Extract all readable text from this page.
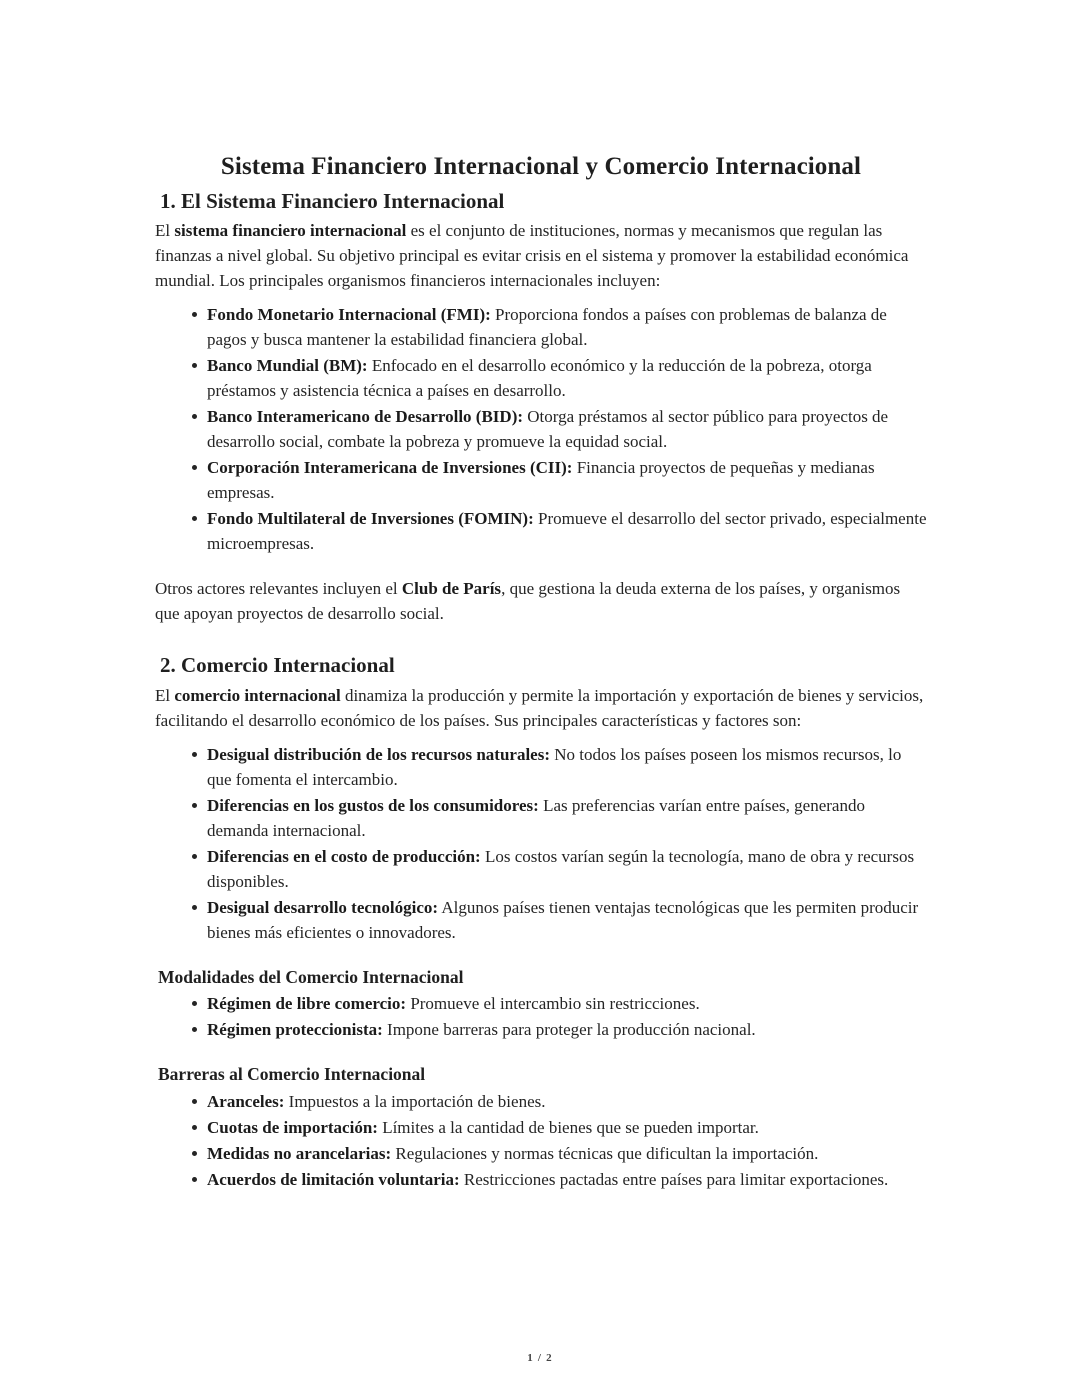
Sistema Financiero Internacional y Comercio Internacional
1. El Sistema Financiero Internacional

El sistema financiero internacional es el conjunto de instituciones, normas y mecanismos que regulan las finanzas a nivel global. Su objetivo principal es evitar crisis en el sistema y promover la estabilidad económica mundial. Los principales organismos financieros internacionales incluyen:

Fondo Monetario Internacional (FMI): Proporciona fondos a países con problemas de balanza de pagos y busca mantener la estabilidad financiera global.
Banco Mundial (BM): Enfocado en el desarrollo económico y la reducción de la pobreza, otorga préstamos y asistencia técnica a países en desarrollo.
Banco Interamericano de Desarrollo (BID): Otorga préstamos al sector público para proyectos de desarrollo social, combate la pobreza y promueve la equidad social.
Corporación Interamericana de Inversiones (CII): Financia proyectos de pequeñas y medianas empresas.
Fondo Multilateral de Inversiones (FOMIN): Promueve el desarrollo del sector privado, especialmente microempresas.

Otros actores relevantes incluyen el Club de París, que gestiona la deuda externa de los países, y organismos que apoyan proyectos de desarrollo social.

2. Comercio Internacional

El comercio internacional dinamiza la producción y permite la importación y exportación de bienes y servicios, facilitando el desarrollo económico de los países. Sus principales características y factores son:

Desigual distribución de los recursos naturales: No todos los países poseen los mismos recursos, lo que fomenta el intercambio.
Diferencias en los gustos de los consumidores: Las preferencias varían entre países, generando demanda internacional.
Diferencias en el costo de producción: Los costos varían según la tecnología, mano de obra y recursos disponibles.
Desigual desarrollo tecnológico: Algunos países tienen ventajas tecnológicas que les permiten producir bienes más eficientes o innovadores.
Modalidades del Comercio Internacional
Régimen de libre comercio: Promueve el intercambio sin restricciones.
Régimen proteccionista: Impone barreras para proteger la producción nacional.
Barreras al Comercio Internacional
Aranceles: Impuestos a la importación de bienes.
Cuotas de importación: Límites a la cantidad de bienes que se pueden importar.
Medidas no arancelarias: Regulaciones y normas técnicas que dificultan la importación.
Acuerdos de limitación voluntaria: Restricciones pactadas entre países para limitar exportaciones.
1 / 2
